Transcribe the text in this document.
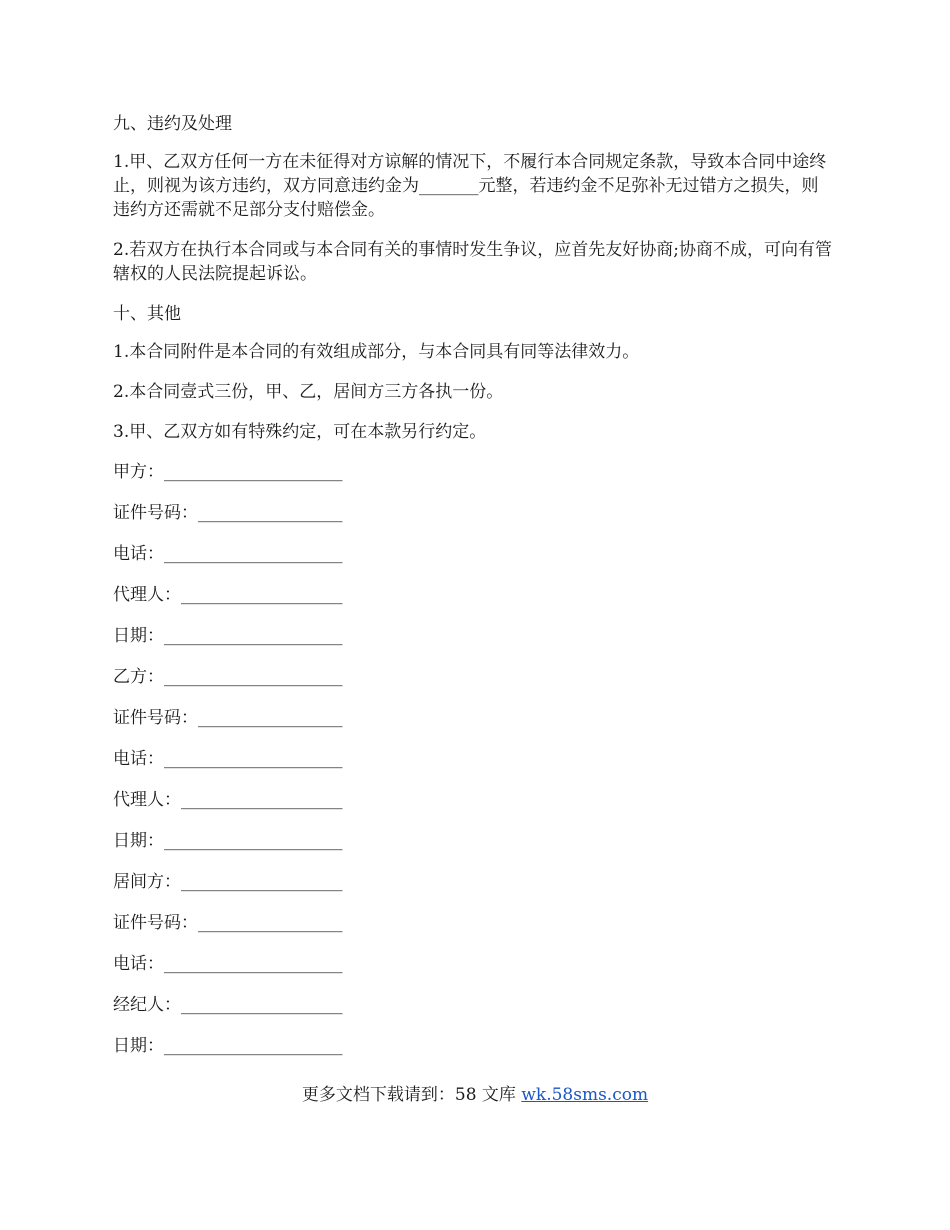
九、违约及处理

1.甲、乙双方任何一方在未征得对方谅解的情况下，不履行本合同规定条款，导致本合同中途终止，则视为该方违约，双方同意违约金为_______元整，若违约金不足弥补无过错方之损失，则违约方还需就不足部分支付赔偿金。

2.若双方在执行本合同或与本合同有关的事情时发生争议，应首先友好协商;协商不成，可向有管辖权的人民法院提起诉讼。

十、其他

1.本合同附件是本合同的有效组成部分，与本合同具有同等法律效力。

2.本合同壹式三份，甲、乙，居间方三方各执一份。

3.甲、乙双方如有特殊约定，可在本款另行约定。

甲方：_____________________

证件号码：_________________

电话：_____________________

代理人：___________________

日期：_____________________

乙方：_____________________

证件号码：_________________

电话：_____________________

代理人：___________________

日期：_____________________

居间方：___________________

证件号码：_________________

电话：_____________________

经纪人：___________________

日期：_____________________

更多文档下载请到：58 文库 wk.58sms.com
